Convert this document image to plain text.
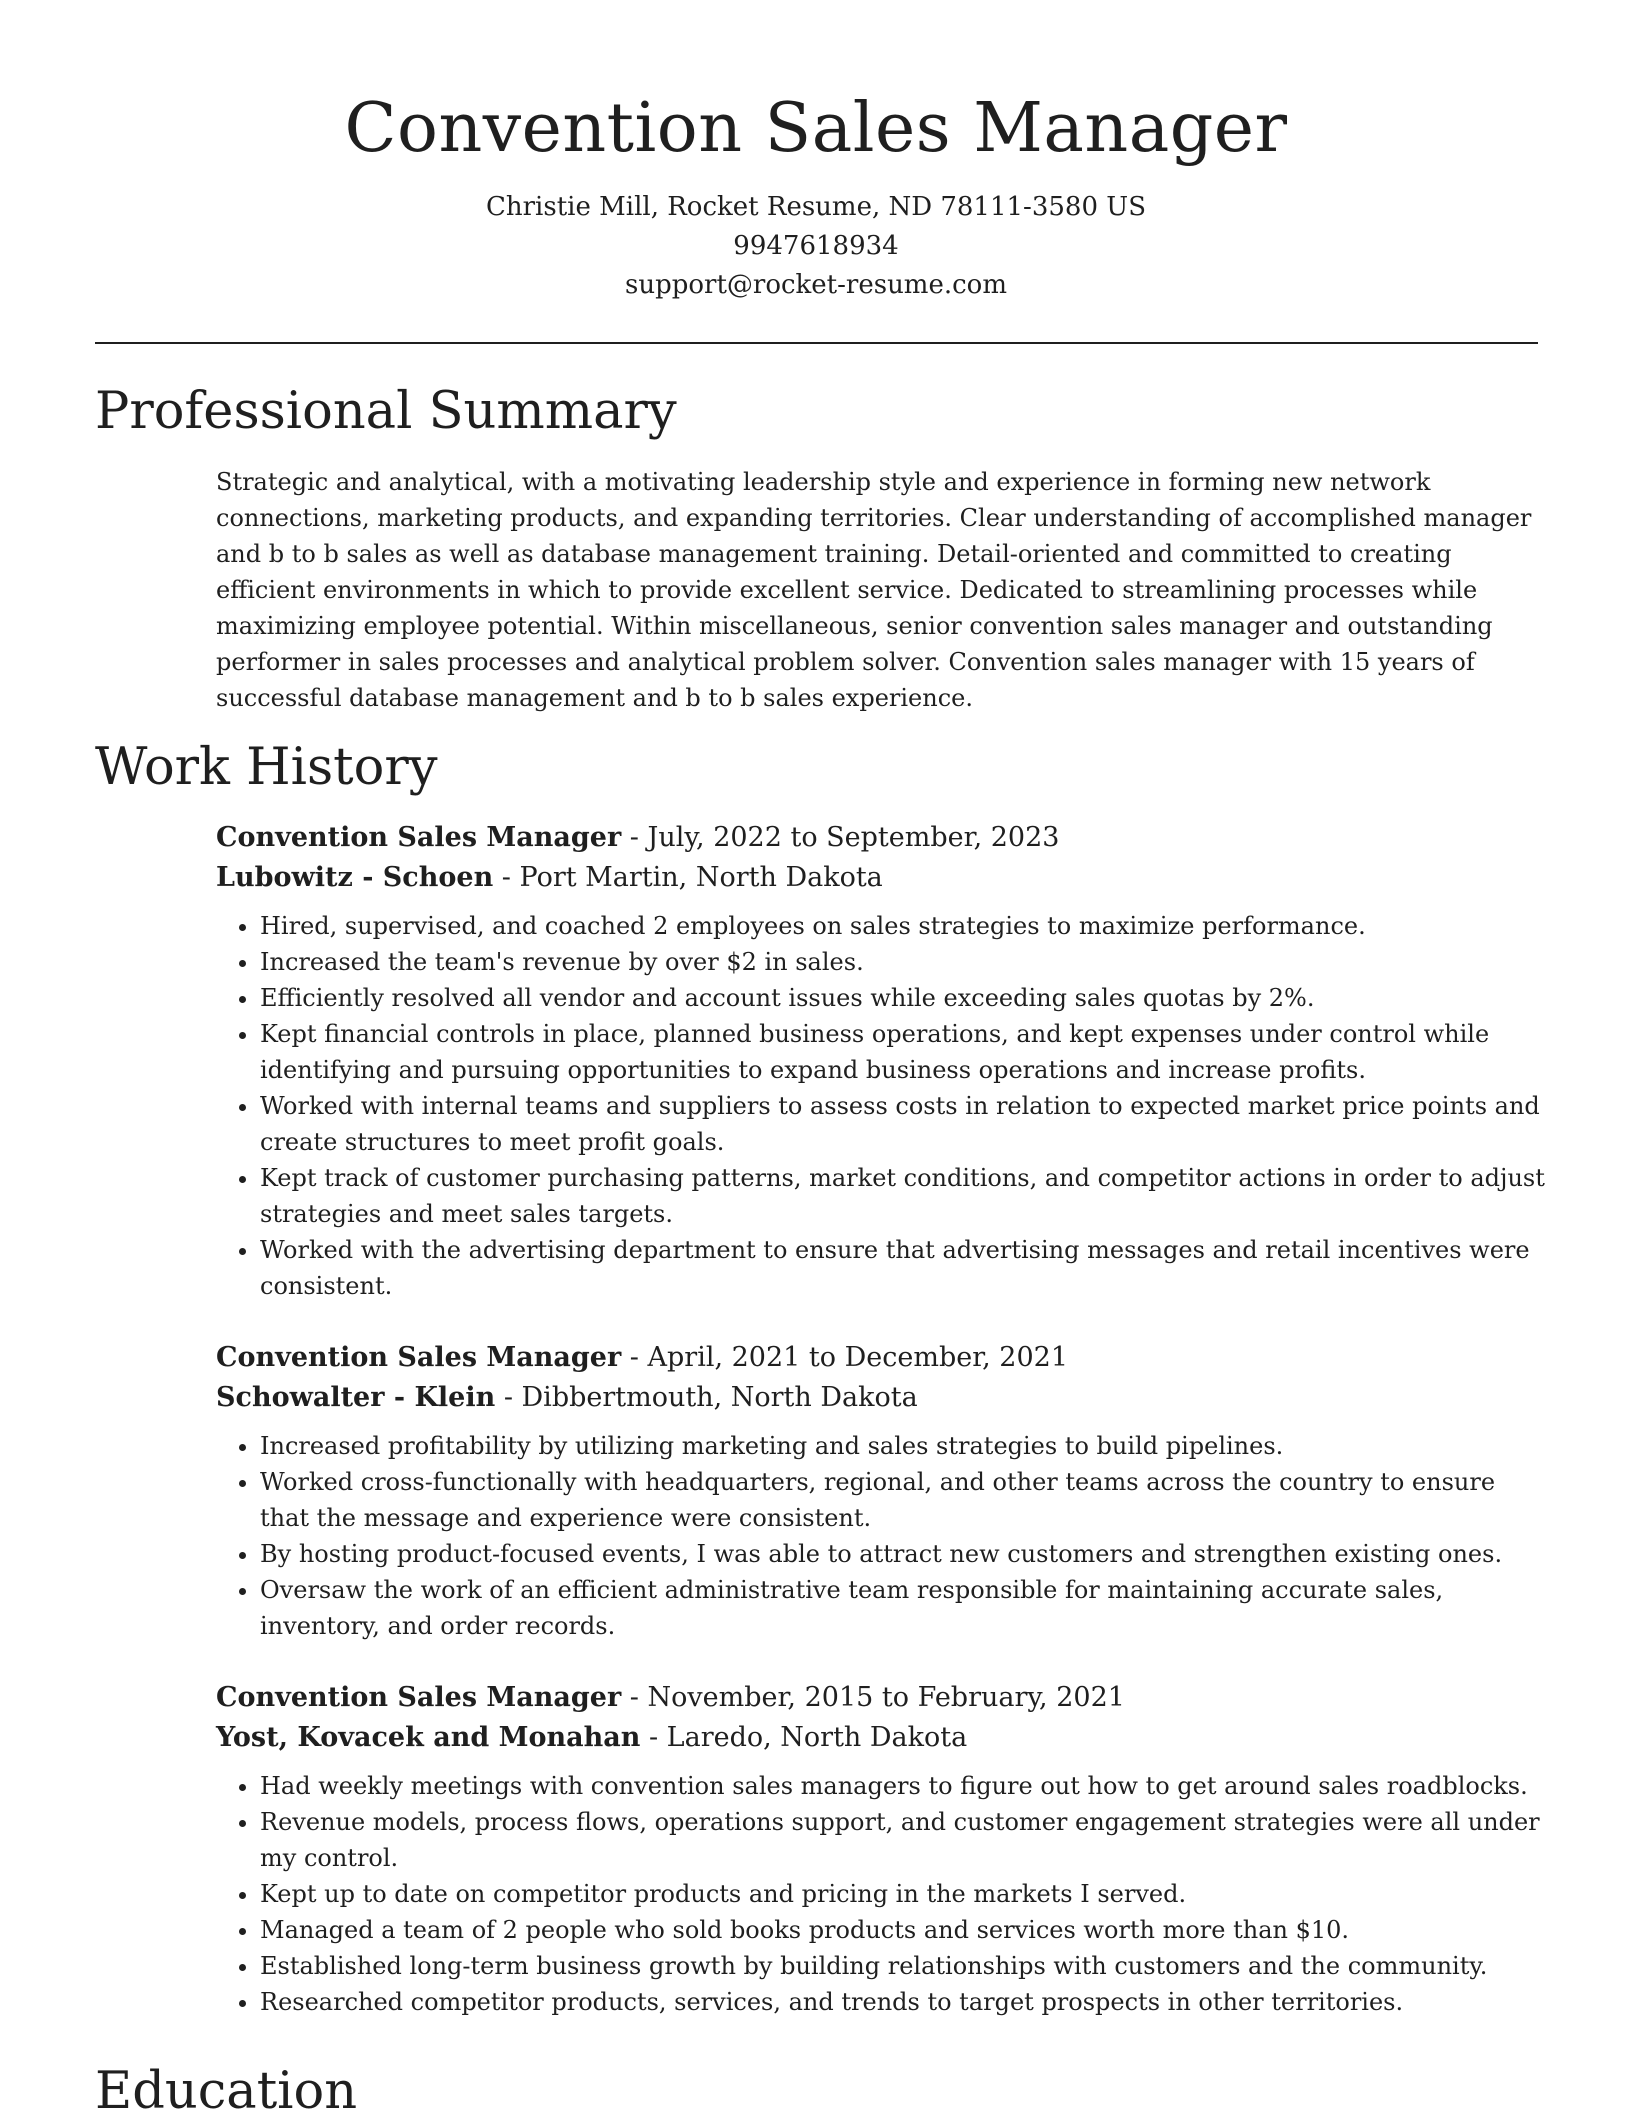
Convention Sales Manager
Christie Mill, Rocket Resume, ND 78111-3580 US
9947618934
support@rocket-resume.com
Professional Summary

Strategic and analytical, with a motivating leadership style and experience in forming new network connections, marketing products, and expanding territories. Clear understanding of accomplished manager and b to b sales as well as database management training. Detail-oriented and committed to creating efficient environments in which to provide excellent service. Dedicated to streamlining processes while maximizing employee potential. Within miscellaneous, senior convention sales manager and outstanding performer in sales processes and analytical problem solver. Convention sales manager with 15 years of successful database management and b to b sales experience.

Work History

Convention Sales Manager - July, 2022 to September, 2023

Lubowitz - Schoen - Port Martin, North Dakota

• Hired, supervised, and coached 2 employees on sales strategies to maximize performance.
• Increased the team's revenue by over $2 in sales.
• Efficiently resolved all vendor and account issues while exceeding sales quotas by 2%.
• Kept financial controls in place, planned business operations, and kept expenses under control while identifying and pursuing opportunities to expand business operations and increase profits.
• Worked with internal teams and suppliers to assess costs in relation to expected market price points and create structures to meet profit goals.
• Kept track of customer purchasing patterns, market conditions, and competitor actions in order to adjust strategies and meet sales targets.
• Worked with the advertising department to ensure that advertising messages and retail incentives were consistent.

Convention Sales Manager - April, 2021 to December, 2021

Schowalter - Klein - Dibbertmouth, North Dakota

• Increased profitability by utilizing marketing and sales strategies to build pipelines.
• Worked cross-functionally with headquarters, regional, and other teams across the country to ensure that the message and experience were consistent.
• By hosting product-focused events, I was able to attract new customers and strengthen existing ones.
• Oversaw the work of an efficient administrative team responsible for maintaining accurate sales, inventory, and order records.

Convention Sales Manager - November, 2015 to February, 2021

Yost, Kovacek and Monahan - Laredo, North Dakota

• Had weekly meetings with convention sales managers to figure out how to get around sales roadblocks.
• Revenue models, process flows, operations support, and customer engagement strategies were all under my control.
• Kept up to date on competitor products and pricing in the markets I served.
• Managed a team of 2 people who sold books products and services worth more than $10.
• Established long-term business growth by building relationships with customers and the community.
• Researched competitor products, services, and trends to target prospects in other territories.
Education
